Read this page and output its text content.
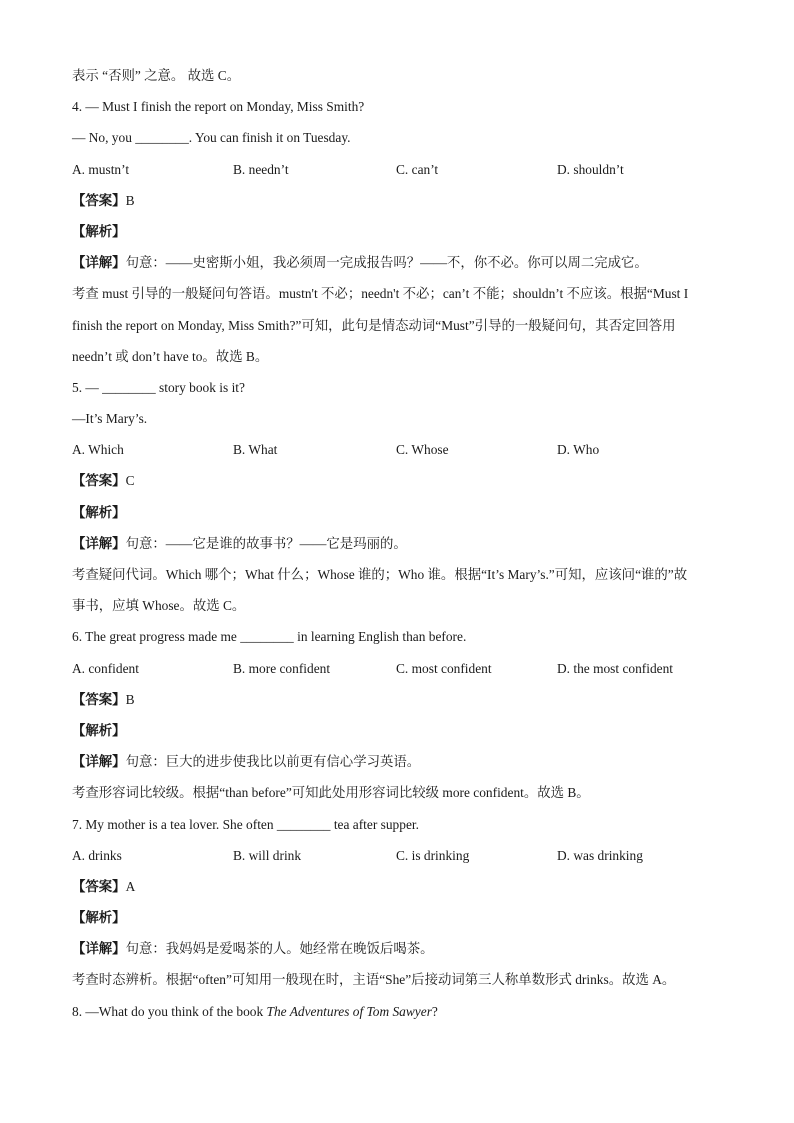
表示 “否则” 之意。 故选 C。
4. — Must I finish the report on Monday, Miss Smith?
— No, you ________. You can finish it on Tuesday.
A. mustn’t	B. needn’t	C. can’t	D. shouldn’t
【答案】B
【解析】
【详解】句意：——史密斯小姐，我必须周一完成报告吗？——不，你不必。你可以周二完成它。
考查 must 引导的一般疑问句答语。mustn't 不必；needn't 不必；can’t 不能；shouldn’t 不应该。根据“Must I
finish the report on Monday, Miss Smith?”可知，此句是情态动词“Must”引导的一般疑问句，其否定回答用
needn’t 或 don’t have to。故选 B。
5. — ________ story book is it?
—It’s Mary’s.
A. Which	B. What	C. Whose	D. Who
【答案】C
【解析】
【详解】句意：——它是谁的故事书？——它是玛丽的。
考查疑问代词。Which 哪个；What 什么；Whose 谁的；Who 谁。根据“It’s Mary’s.”可知，应该问“谁的”故
事书，应填 Whose。故选 C。
6. The great progress made me ________ in learning English than before.
A. confident	B. more confident	C. most confident	D. the most confident
【答案】B
【解析】
【详解】句意：巨大的进步使我比以前更有信心学习英语。
考查形容词比较级。根据“than before”可知此处用形容词比较级 more confident。故选 B。
7. My mother is a tea lover. She often ________ tea after supper.
A. drinks	B. will drink	C. is drinking	D. was drinking
【答案】A
【解析】
【详解】句意：我妈妈是爱喝茶的人。她经常在晚饭后喝茶。
考查时态辨析。根据“often”可知用一般现在时，主语“She”后接动词第三人称单数形式 drinks。故选 A。
8. —What do you think of the book The Adventures of Tom Sawyer?
